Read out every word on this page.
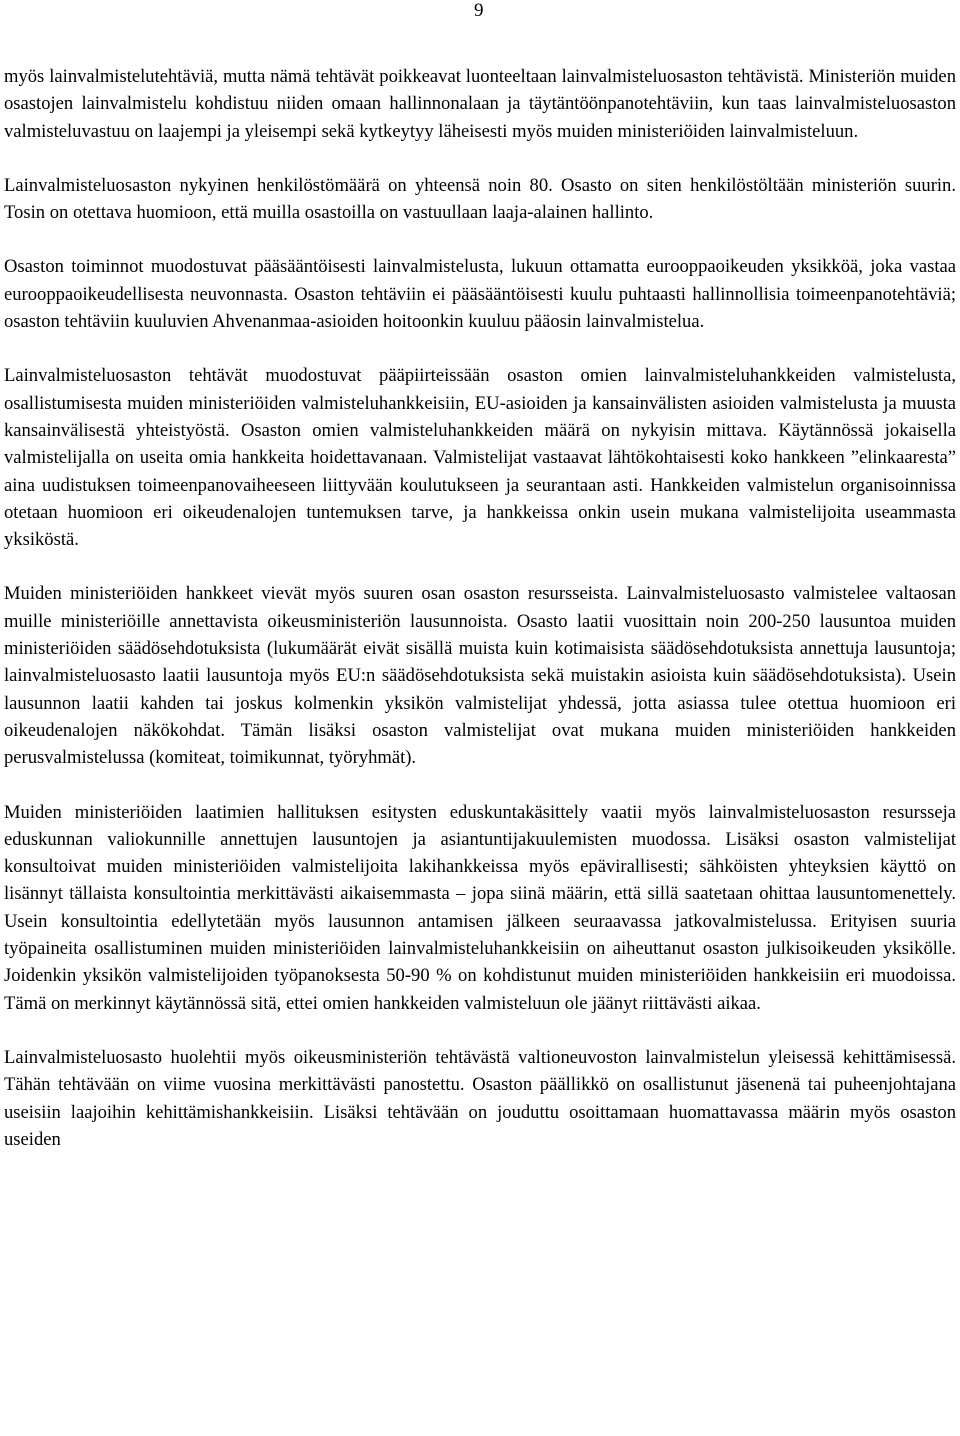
9

myös lainvalmistelutehtäviä, mutta nämä tehtävät poikkeavat luonteeltaan lainvalmisteluosaston tehtävistä. Ministeriön muiden osastojen lainvalmistelu kohdistuu niiden omaan hallinnonalaan ja täytäntöönpanotehtäviin, kun taas lainvalmisteluosaston valmisteluvastuu on laajempi ja yleisempi sekä kytkeytyy läheisesti myös muiden ministeriöiden lainvalmisteluun.

Lainvalmisteluosaston nykyinen henkilöstömäärä on yhteensä noin 80. Osasto on siten henkilöstöltään ministeriön suurin. Tosin on otettava huomioon, että muilla osastoilla on vastuullaan laaja-alainen hallinto.

Osaston toiminnot muodostuvat pääsääntöisesti lainvalmistelusta, lukuun ottamatta eurooppaoikeuden yksikköä, joka vastaa eurooppaoikeudellisesta neuvonnasta. Osaston tehtäviin ei pääsääntöisesti kuulu puhtaasti hallinnollisia toimeenpanotehtäviä; osaston tehtäviin kuuluvien Ahvenanmaa-asioiden hoitoonkin kuuluu pääosin lainvalmistelua.

Lainvalmisteluosaston tehtävät muodostuvat pääpiirteissään osaston omien lainvalmisteluhankkeiden valmistelusta, osallistumisesta muiden ministeriöiden valmisteluhankkeisiin, EU-asioiden ja kansainvälisten asioiden valmistelusta ja muusta kansainvälisestä yhteistyöstä. Osaston omien valmisteluhankkeiden määrä on nykyisin mittava. Käytännössä jokaisella valmistelijalla on useita omia hankkeita hoidettavanaan. Valmistelijat vastaavat lähtökohtaisesti koko hankkeen ”elinkaaresta” aina uudistuksen toimeenpanovaiheeseen liittyvään koulutukseen ja seurantaan asti. Hankkeiden valmistelun organisoinnissa otetaan huomioon eri oikeudenalojen tuntemuksen tarve, ja hankkeissa onkin usein mukana valmistelijoita useammasta yksiköstä.

Muiden ministeriöiden hankkeet vievät myös suuren osan osaston resursseista. Lainvalmisteluosasto valmistelee valtaosan muille ministeriöille annettavista oikeusministeriön lausunnoista. Osasto laatii vuosittain noin 200-250 lausuntoa muiden ministeriöiden säädösehdotuksista (lukumäärät eivät sisällä muista kuin kotimaisista säädösehdotuksista annettuja lausuntoja; lainvalmisteluosasto laatii lausuntoja myös EU:n säädösehdotuksista sekä muistakin asioista kuin säädösehdotuksista). Usein lausunnon laatii kahden tai joskus kolmenkin yksikön valmistelijat yhdessä, jotta asiassa tulee otettua huomioon eri oikeudenalojen näkökohdat. Tämän lisäksi osaston valmistelijat ovat mukana muiden ministeriöiden hankkeiden perusvalmistelussa (komiteat, toimikunnat, työryhmät).

Muiden ministeriöiden laatimien hallituksen esitysten eduskuntakäsittely vaatii myös lainvalmisteluosaston resursseja eduskunnan valiokunnille annettujen lausuntojen ja asiantuntijakuulemisten muodossa. Lisäksi osaston valmistelijat konsultoivat muiden ministeriöiden valmistelijoita lakihankkeissa myös epävirallisesti; sähköisten yhteyksien käyttö on lisännyt tällaista konsultointia merkittävästi aikaisemmasta – jopa siinä määrin, että sillä saatetaan ohittaa lausuntomenettely. Usein konsultointia edellytetään myös lausunnon antamisen jälkeen seuraavassa jatkovalmistelussa. Erityisen suuria työpaineita osallistuminen muiden ministeriöiden lainvalmisteluhankkeisiin on aiheuttanut osaston julkisoikeuden yksikölle. Joidenkin yksikön valmistelijoiden työpanoksesta 50-90 % on kohdistunut muiden ministeriöiden hankkeisiin eri muodoissa. Tämä on merkinnyt käytännössä sitä, ettei omien hankkeiden valmisteluun ole jäänyt riittävästi aikaa.

Lainvalmisteluosasto huolehtii myös oikeusministeriön tehtävästä valtioneuvoston lainvalmistelun yleisessä kehittämisessä. Tähän tehtävään on viime vuosina merkittävästi panostettu. Osaston päällikkö on osallistunut jäsenenä tai puheenjohtajana useisiin laajoihin kehittämishankkeisiin. Lisäksi tehtävään on jouduttu osoittamaan huomattavassa määrin myös osaston useiden
